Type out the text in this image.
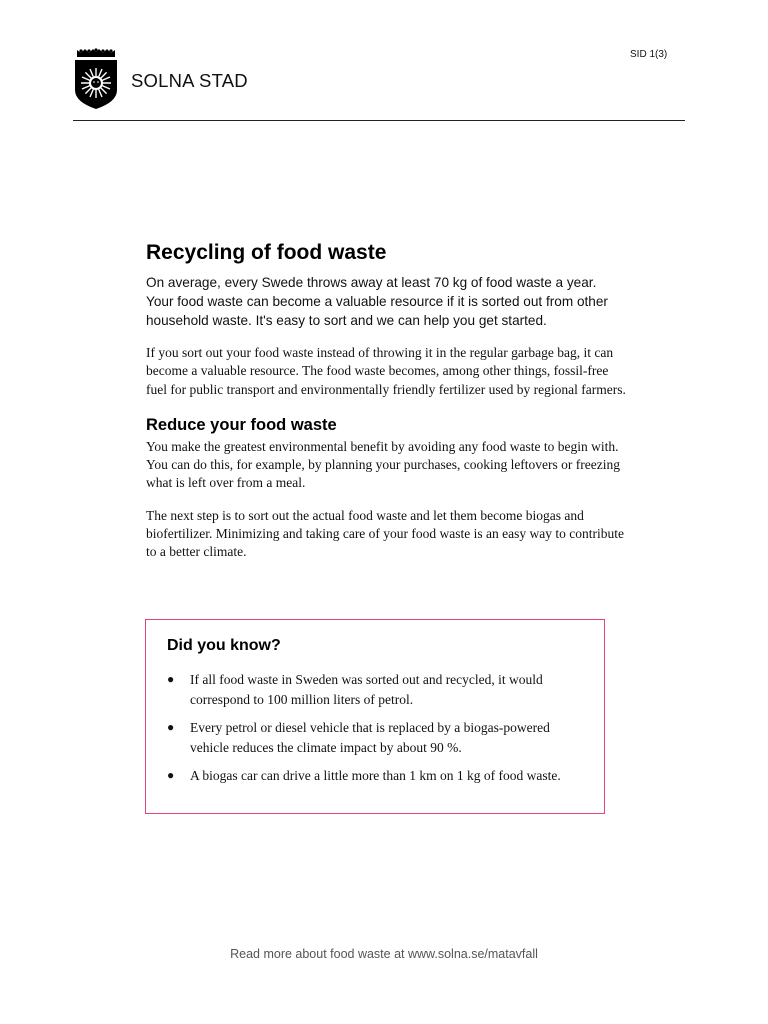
SOLNA STAD
SID 1(3)
Recycling of food waste

On average, every Swede throws away at least 70 kg of food waste a year. Your food waste can become a valuable resource if it is sorted out from other household waste. It's easy to sort and we can help you get started.

If you sort out your food waste instead of throwing it in the regular garbage bag, it can become a valuable resource. The food waste becomes, among other things, fossil-free fuel for public transport and environmentally friendly fertilizer used by regional farmers.

Reduce your food waste

You make the greatest environmental benefit by avoiding any food waste to begin with. You can do this, for example, by planning your purchases, cooking leftovers or freezing what is left over from a meal.

The next step is to sort out the actual food waste and let them become biogas and biofertilizer. Minimizing and taking care of your food waste is an easy way to contribute to a better climate.

Did you know?
● If all food waste in Sweden was sorted out and recycled, it would correspond to 100 million liters of petrol.
● Every petrol or diesel vehicle that is replaced by a biogas-powered vehicle reduces the climate impact by about 90 %.
● A biogas car can drive a little more than 1 km on 1 kg of food waste.
Read more about food waste at www.solna.se/matavfall
